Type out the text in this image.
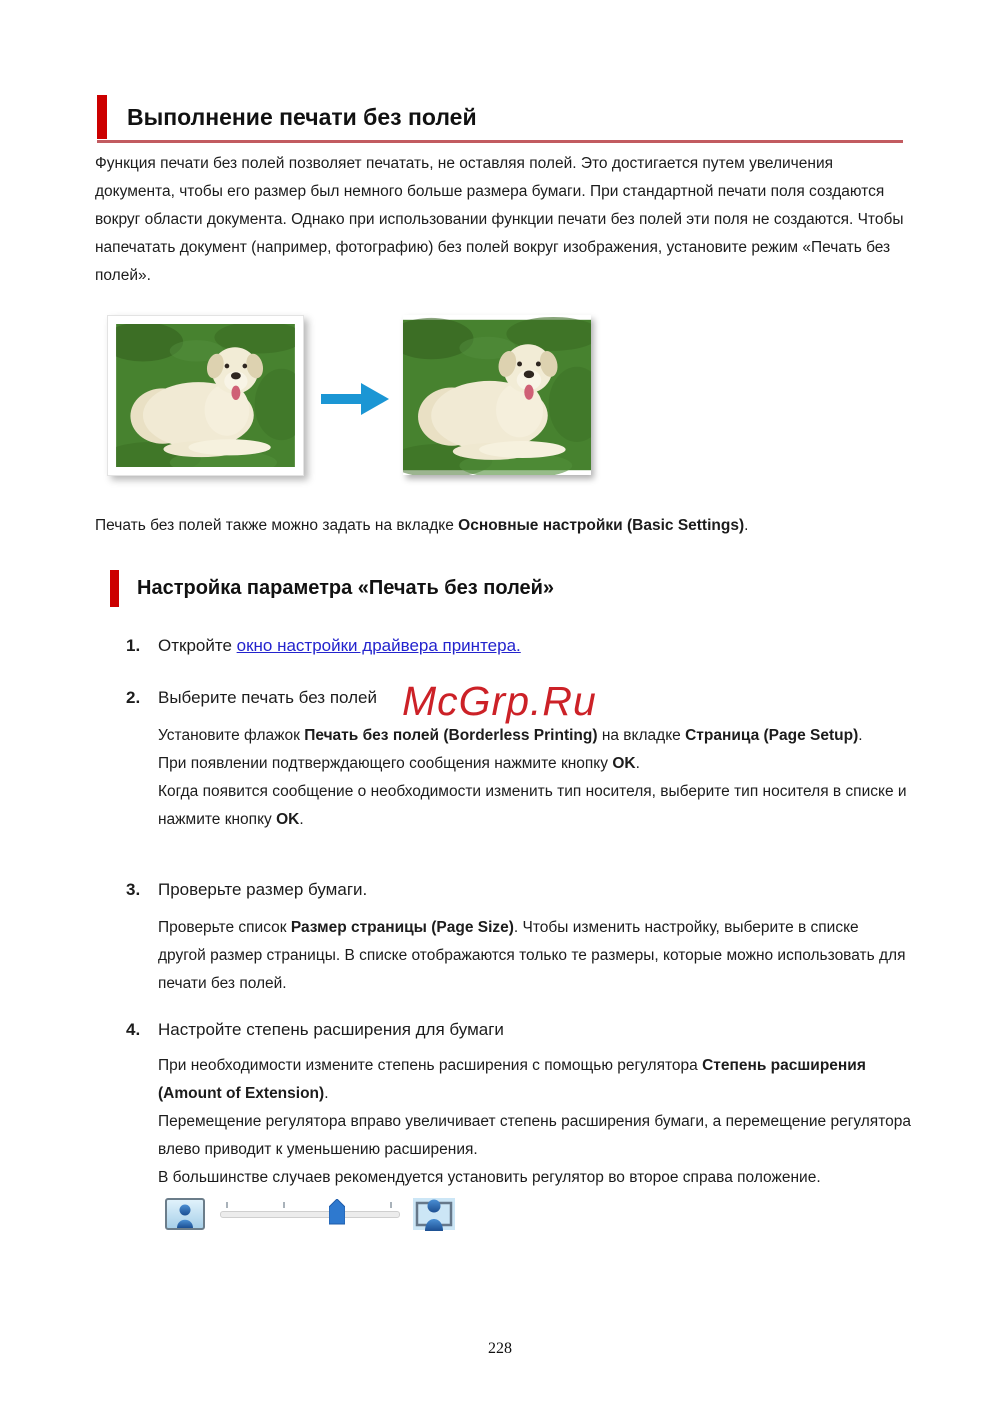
Выполнение печати без полей

Функция печати без полей позволяет печатать, не оставляя полей. Это достигается путем увеличения документа, чтобы его размер был немного больше размера бумаги. При стандартной печати поля создаются вокруг области документа. Однако при использовании функции печати без полей эти поля не создаются. Чтобы напечатать документ (например, фотографию) без полей вокруг изображения, установите режим «Печать без полей».

Печать без полей также можно задать на вкладке Основные настройки (Basic Settings).

Настройка параметра «Печать без полей»
1.	Откройте окно настройки драйвера принтера.
2.	Выберите печать без полей

Установите флажок Печать без полей (Borderless Printing) на вкладке Страница (Page Setup).

При появлении подтверждающего сообщения нажмите кнопку OK.

Когда появится сообщение о необходимости изменить тип носителя, выберите тип носителя в списке и нажмите кнопку OK.

3.	Проверьте размер бумаги.

Проверьте список Размер страницы (Page Size). Чтобы изменить настройку, выберите в списке другой размер страницы. В списке отображаются только те размеры, которые можно использовать для печати без полей.

4.	Настройте степень расширения для бумаги

При необходимости измените степень расширения с помощью регулятора Степень расширения (Amount of Extension).

Перемещение регулятора вправо увеличивает степень расширения бумаги, а перемещение регулятора влево приводит к уменьшению расширения.

В большинстве случаев рекомендуется установить регулятор во второе справа положение.

McGrp.Ru
228
